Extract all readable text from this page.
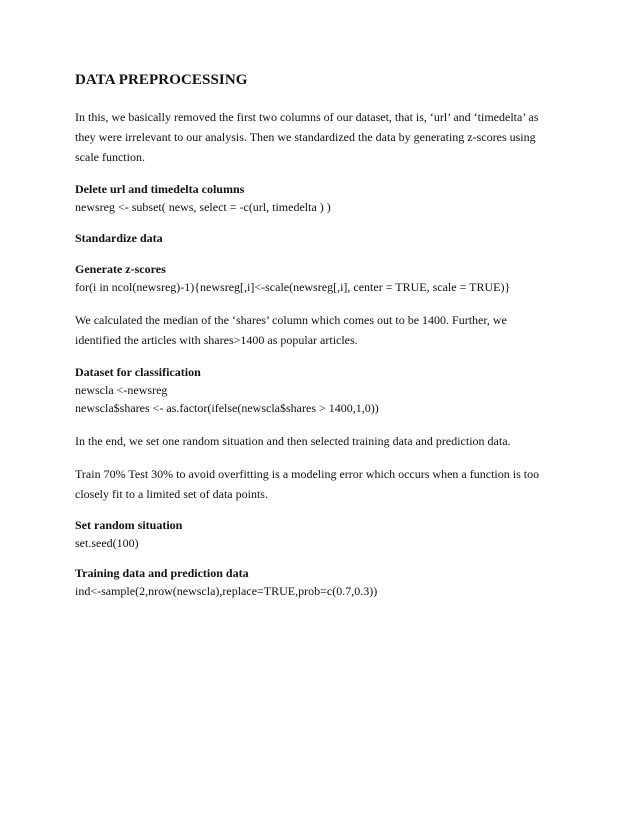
DATA PREPROCESSING

In this, we basically removed the first two columns of our dataset, that is, ‘url’ and ‘timedelta’ as

they were irrelevant to our analysis. Then we standardized the data by generating z-scores using

scale function.

Delete url and timedelta columns

newsreg <- subset( news, select = -c(url, timedelta ) )

Standardize data

Generate z-scores

for(i in ncol(newsreg)-1){newsreg[,i]<-scale(newsreg[,i], center = TRUE, scale = TRUE)}

We calculated the median of the ‘shares’ column which comes out to be 1400. Further, we

identified the articles with shares>1400 as popular articles.

Dataset for classification

newscla <-newsreg

newscla$shares <- as.factor(ifelse(newscla$shares > 1400,1,0))

In the end, we set one random situation and then selected training data and prediction data.

Train 70% Test 30% to avoid overfitting is a modeling error which occurs when a function is too

closely fit to a limited set of data points.

Set random situation

set.seed(100)

Training data and prediction data

ind<-sample(2,nrow(newscla),replace=TRUE,prob=c(0.7,0.3))
